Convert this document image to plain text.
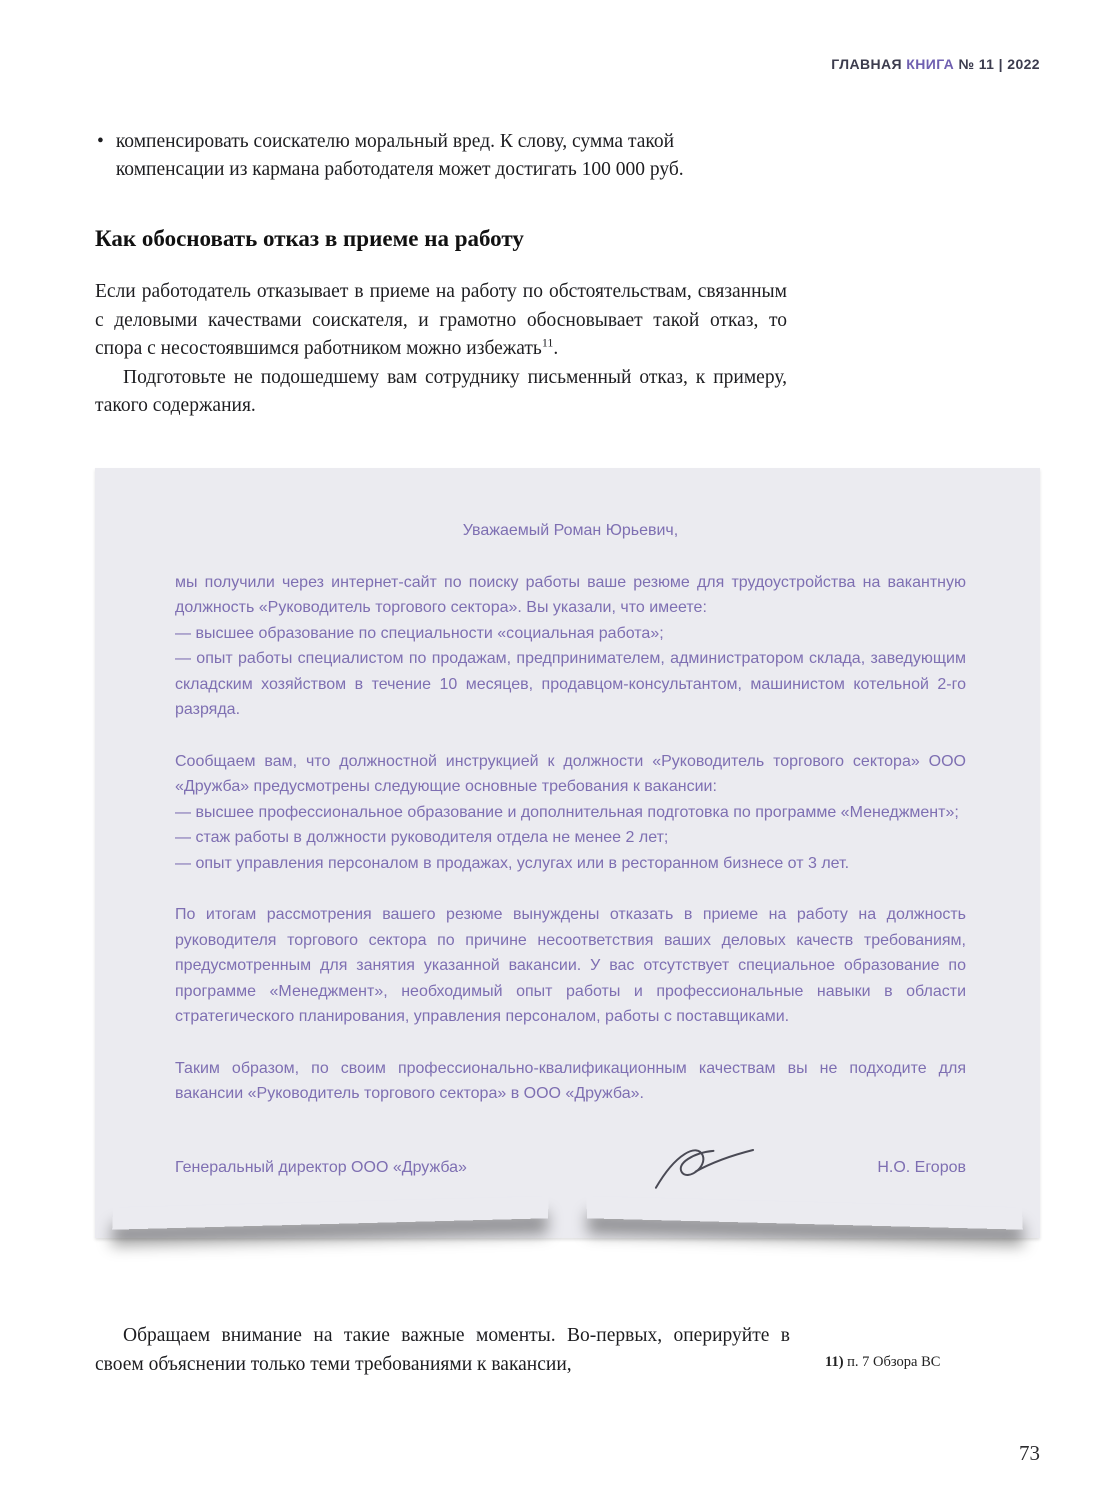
ГЛАВНАЯ КНИГА № 11 | 2022
• компенсировать соискателю моральный вред. К слову, сумма такой компенсации из кармана работодателя может достигать 100 000 руб.

Как обосновать отказ в приеме на работу

Если работодатель отказывает в приеме на работу по обстоятельствам, связанным с деловыми качествами соискателя, и грамотно обосновывает такой отказ, то спора с несостоявшимся работником можно избежать$^{11}$.

Подготовьте не подошедшему вам сотруднику письменный отказ, к примеру, такого содержания.

Уважаемый Роман Юрьевич,

мы получили через интернет-сайт по поиску работы ваше резюме для трудоустройства на вакантную должность «Руководитель торгового сектора». Вы указали, что имеете:

— высшее образование по специальности «социальная работа»;

— опыт работы специалистом по продажам, предпринимателем, администратором склада, заведующим складским хозяйством в течение 10 месяцев, продавцом-консультантом, машинистом котельной 2-го разряда.

Сообщаем вам, что должностной инструкцией к должности «Руководитель торгового сектора» ООО «Дружба» предусмотрены следующие основные требования к вакансии:

— высшее профессиональное образование и дополнительная подготовка по программе «Менеджмент»;

— стаж работы в должности руководителя отдела не менее 2 лет;

— опыт управления персоналом в продажах, услугах или в ресторанном бизнесе от 3 лет.

По итогам рассмотрения вашего резюме вынуждены отказать в приеме на работу на должность руководителя торгового сектора по причине несоответствия ваших деловых качеств требованиям, предусмотренным для занятия указанной вакансии. У вас отсутствует специальное образование по программе «Менеджмент», необходимый опыт работы и профессиональные навыки в области стратегического планирования, управления персоналом, работы с поставщиками.

Таким образом, по своим профессионально-квалификационным качествам вы не подходите для вакансии «Руководитель торгового сектора» в ООО «Дружба».

Генеральный директор ООО «Дружба»	Н.О. Егоров

Обращаем внимание на такие важные моменты. Во-первых, оперируйте в своем объяснении только теми требованиями к вакансии,	11) п. 7 Обзора ВС
73
